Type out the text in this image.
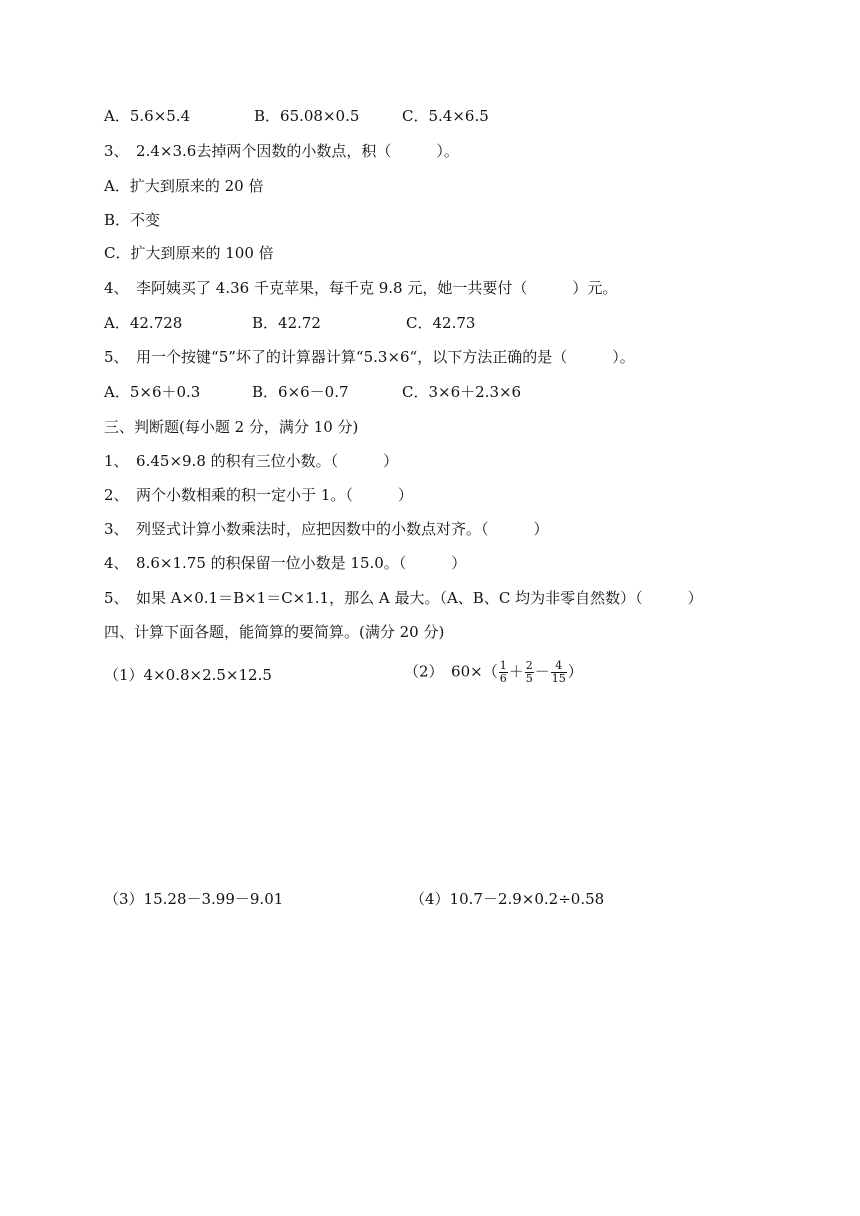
A．5.6×5.4	B．65.08×0.5	C．5.4×6.5
3、　2.4×3.6去掉两个因数的小数点，积（　　　）。
A．扩大到原来的 20 倍
B．不变
C．扩大到原来的 100 倍
4、　李阿姨买了 4.36 千克苹果，每千克 9.8 元，她一共要付（　　　）元。
A．42.728	B．42.72	C．42.73
5、　用一个按键“5”坏了的计算器计算“5.3×6“，以下方法正确的是（　　　）。
A．5×6＋0.3	B．6×6－0.7	C．3×6＋2.3×6
三、判断题(每小题 2 分，满分 10 分)
1、　6.45×9.8 的积有三位小数。（　　　）
2、　两个小数相乘的积一定小于 1。（　　　）
3、　列竖式计算小数乘法时，应把因数中的小数点对齐。（　　　）
4、　8.6×1.75 的积保留一位小数是 15.0。（　　　）
5、　如果 A×0.1＝B×1＝C×1.1，那么 A 最大。（A、B、C 均为非零自然数）（　　　）
四、计算下面各题，能简算的要简算。(满分 20 分)
（1）4×0.8×2.5×12.5	（2）　$60\times( \frac{1}{6} + \frac{2}{5} - \frac{4}{15}$ ）
（3）15.28－3.99－9.01	（4）10.7－2.9×0.2÷0.58
